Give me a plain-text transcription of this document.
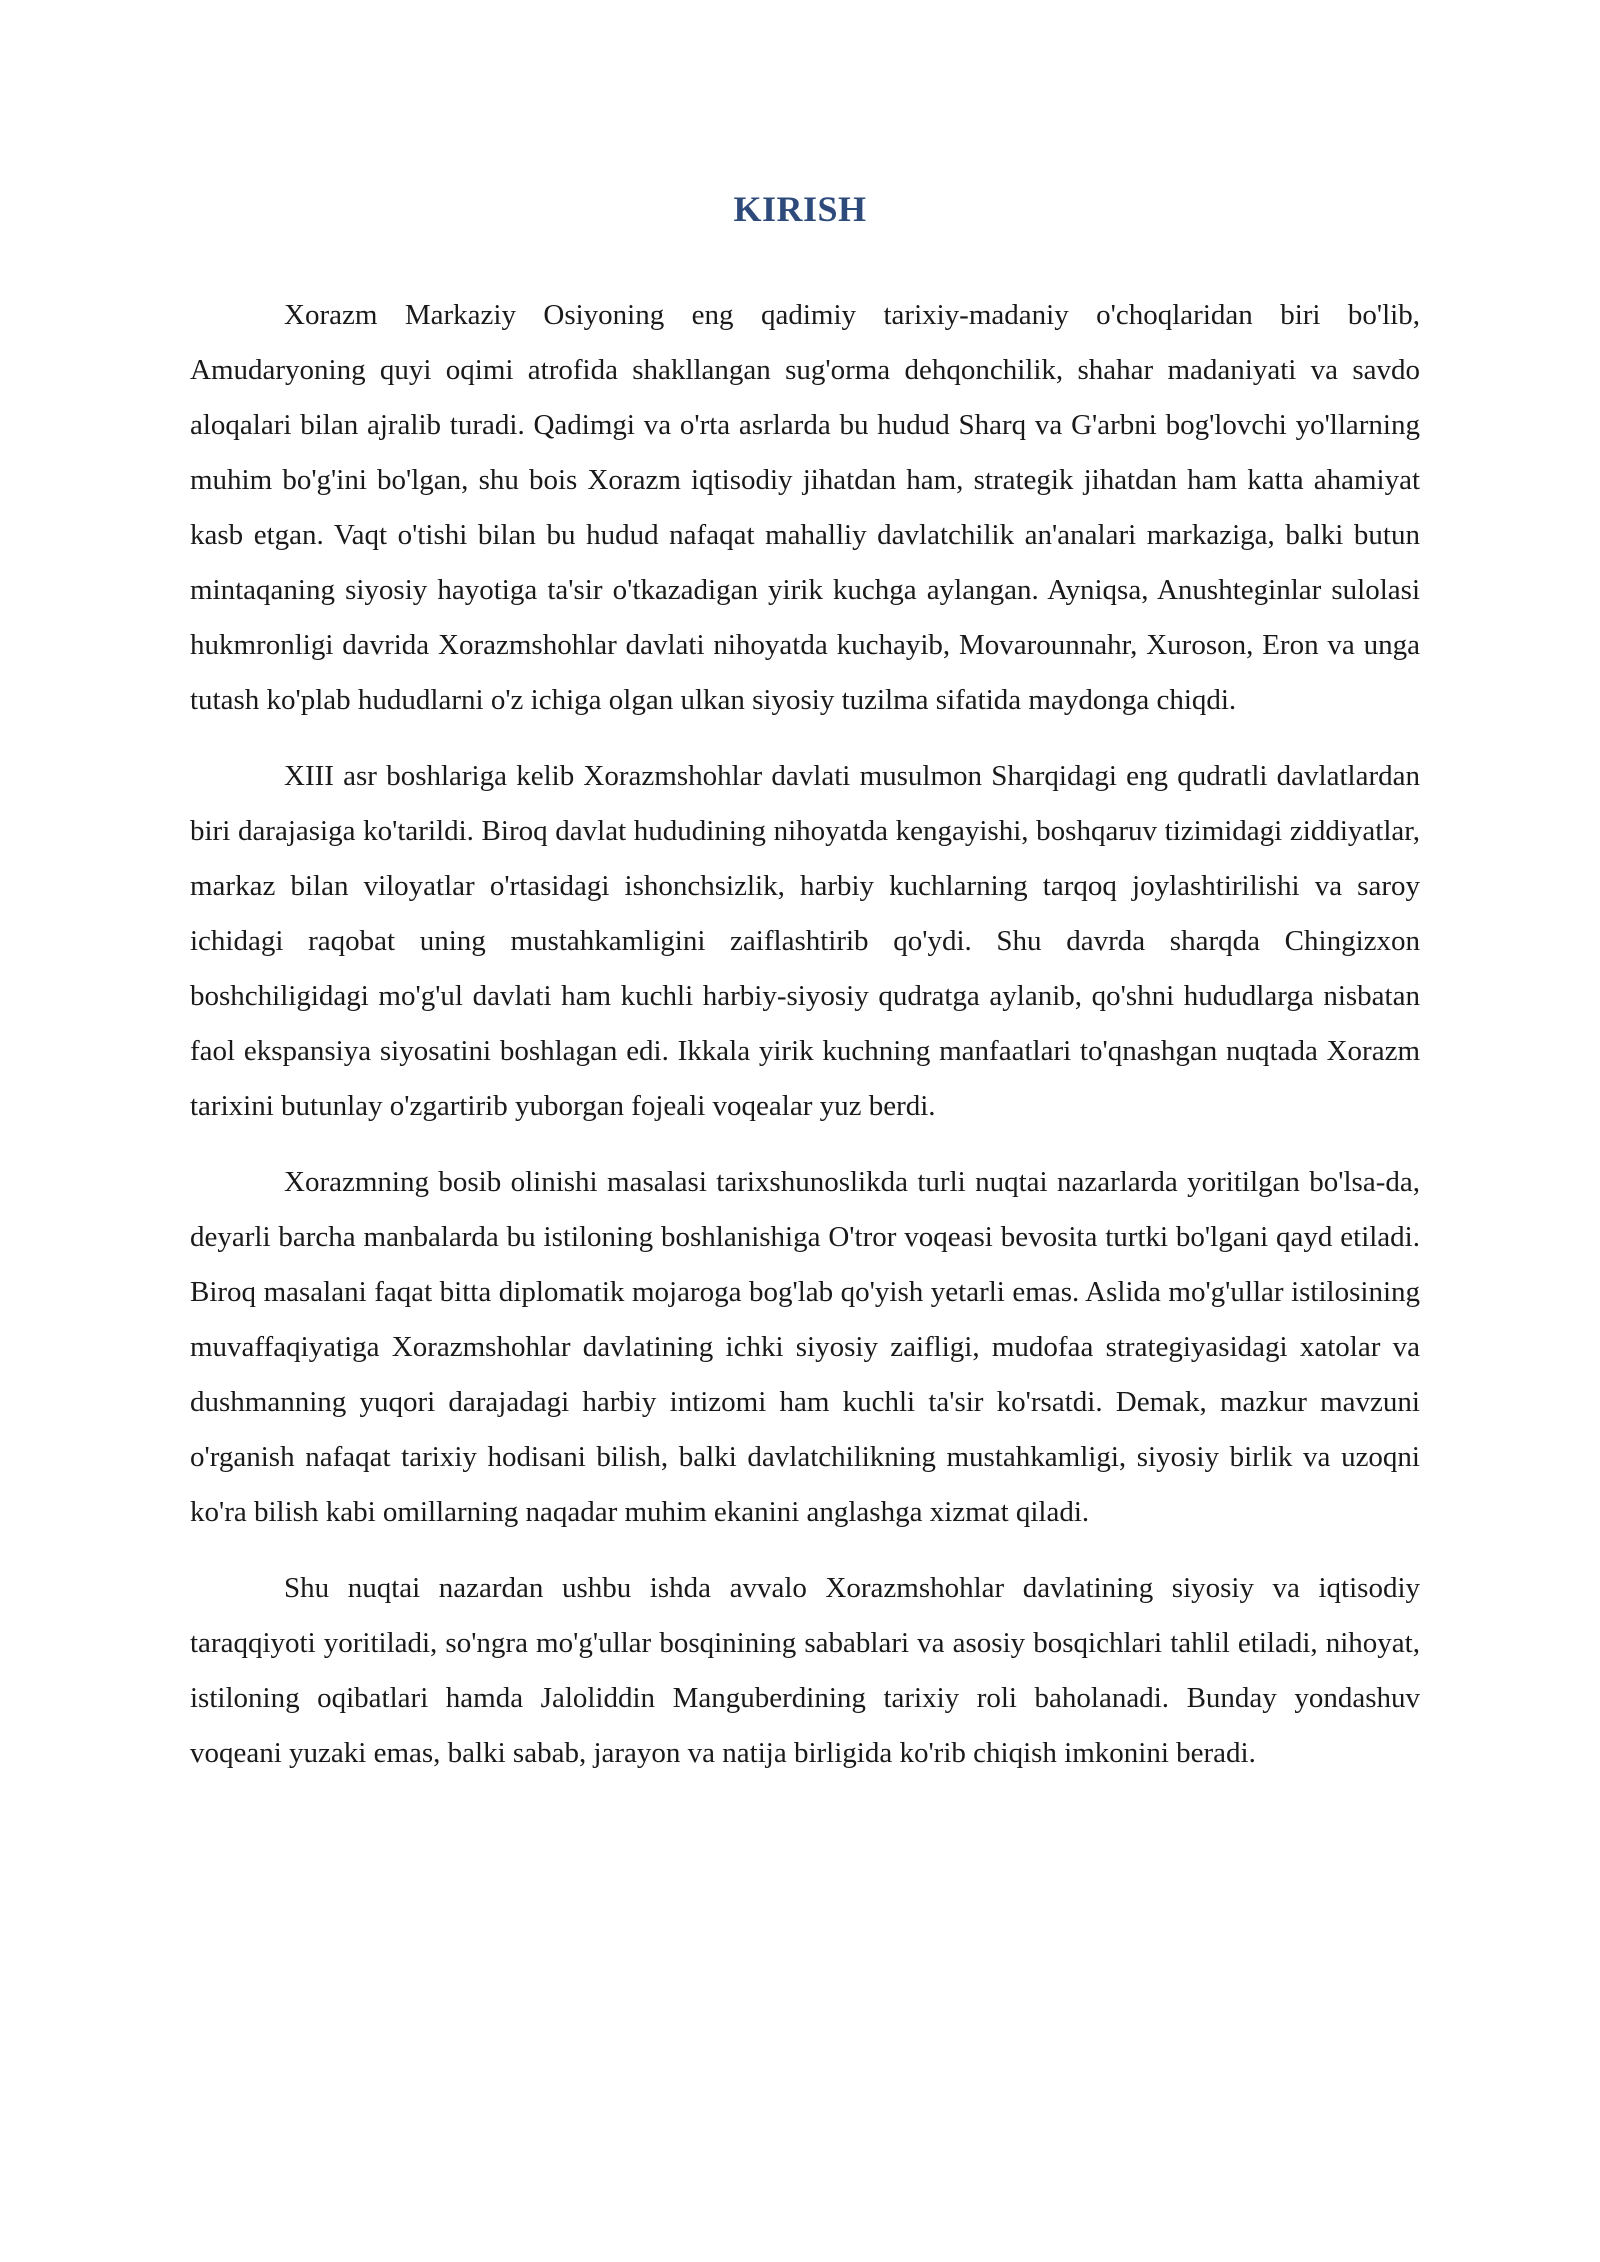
KIRISH

Xorazm Markaziy Osiyoning eng qadimiy tarixiy-madaniy o'choqlaridan biri bo'lib, Amudaryoning quyi oqimi atrofida shakllangan sug'orma dehqonchilik, shahar madaniyati va savdo aloqalari bilan ajralib turadi. Qadimgi va o'rta asrlarda bu hudud Sharq va G'arbni bog'lovchi yo'llarning muhim bo'g'ini bo'lgan, shu bois Xorazm iqtisodiy jihatdan ham, strategik jihatdan ham katta ahamiyat kasb etgan. Vaqt o'tishi bilan bu hudud nafaqat mahalliy davlatchilik an'analari markaziga, balki butun mintaqaning siyosiy hayotiga ta'sir o'tkazadigan yirik kuchga aylangan. Ayniqsa, Anushteginlar sulolasi hukmronligi davrida Xorazmshohlar davlati nihoyatda kuchayib, Movarounnahr, Xuroson, Eron va unga tutash ko'plab hududlarni o'z ichiga olgan ulkan siyosiy tuzilma sifatida maydonga chiqdi.

XIII asr boshlariga kelib Xorazmshohlar davlati musulmon Sharqidagi eng qudratli davlatlardan biri darajasiga ko'tarildi. Biroq davlat hududining nihoyatda kengayishi, boshqaruv tizimidagi ziddiyatlar, markaz bilan viloyatlar o'rtasidagi ishonchsizlik, harbiy kuchlarning tarqoq joylashtirilishi va saroy ichidagi raqobat uning mustahkamligini zaiflashtirib qo'ydi. Shu davrda sharqda Chingizxon boshchiligidagi mo'g'ul davlati ham kuchli harbiy-siyosiy qudratga aylanib, qo'shni hududlarga nisbatan faol ekspansiya siyosatini boshlagan edi. Ikkala yirik kuchning manfaatlari to'qnashgan nuqtada Xorazm tarixini butunlay o'zgartirib yuborgan fojeali voqealar yuz berdi.

Xorazmning bosib olinishi masalasi tarixshunoslikda turli nuqtai nazarlarda yoritilgan bo'lsa-da, deyarli barcha manbalarda bu istiloning boshlanishiga O'tror voqeasi bevosita turtki bo'lgani qayd etiladi. Biroq masalani faqat bitta diplomatik mojaroga bog'lab qo'yish yetarli emas. Aslida mo'g'ullar istilosining muvaffaqiyatiga Xorazmshohlar davlatining ichki siyosiy zaifligi, mudofaa strategiyasidagi xatolar va dushmanning yuqori darajadagi harbiy intizomi ham kuchli ta'sir ko'rsatdi. Demak, mazkur mavzuni o'rganish nafaqat tarixiy hodisani bilish, balki davlatchilikning mustahkamligi, siyosiy birlik va uzoqni ko'ra bilish kabi omillarning naqadar muhim ekanini anglashga xizmat qiladi.

Shu nuqtai nazardan ushbu ishda avvalo Xorazmshohlar davlatining siyosiy va iqtisodiy taraqqiyoti yoritiladi, so'ngra mo'g'ullar bosqinining sabablari va asosiy bosqichlari tahlil etiladi, nihoyat, istiloning oqibatlari hamda Jaloliddin Manguberdining tarixiy roli baholanadi. Bunday yondashuv voqeani yuzaki emas, balki sabab, jarayon va natija birligida ko'rib chiqish imkonini beradi.
